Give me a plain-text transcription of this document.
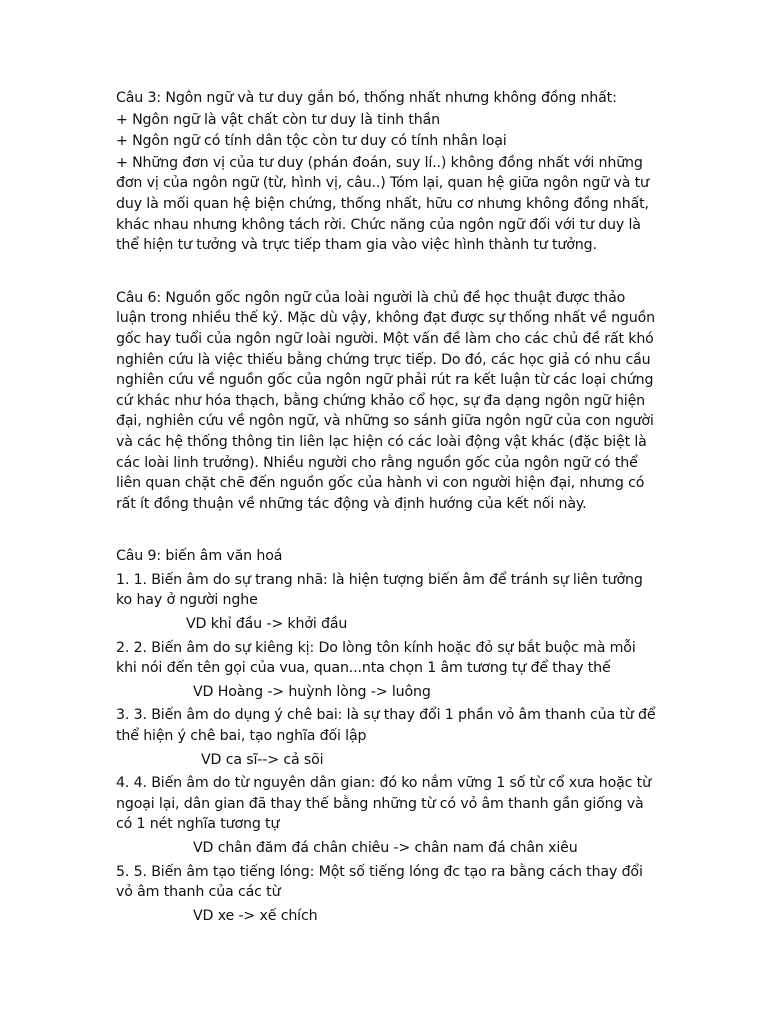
Câu 3: Ngôn ngữ và tư duy gắn bó, thống nhất nhưng không đồng nhất:

+ Ngôn ngữ là vật chất còn tư duy là tinh thần

+ Ngôn ngữ có tính dân tộc còn tư duy có tính nhân loại

+ Những đơn vị của tư duy (phán đoán, suy lí..) không đồng nhất với những đơn vị của ngôn ngữ (từ, hình vị, câu..) Tóm lại, quan hệ giữa ngôn ngữ và tư duy là mối quan hệ biện chứng, thống nhất, hữu cơ nhưng không đồng nhất, khác nhau nhưng không tách rời. Chức năng của ngôn ngữ đối với tư duy là thể hiện tư tưởng và trực tiếp tham gia vào việc hình thành tư tưởng.

Câu 6: Nguồn gốc ngôn ngữ của loài người là chủ đề học thuật được thảo luận trong nhiều thế kỷ. Mặc dù vậy, không đạt được sự thống nhất về nguồn gốc hay tuổi của ngôn ngữ loài người. Một vấn đề làm cho các chủ đề rất khó nghiên cứu là việc thiếu bằng chứng trực tiếp. Do đó, các học giả có nhu cầu nghiên cứu về nguồn gốc của ngôn ngữ phải rút ra kết luận từ các loại chứng cứ khác như hóa thạch, bằng chứng khảo cổ học, sự đa dạng ngôn ngữ hiện đại, nghiên cứu về ngôn ngữ, và những so sánh giữa ngôn ngữ của con người và các hệ thống thông tin liên lạc hiện có các loài động vật khác (đặc biệt là các loài linh trưởng). Nhiều người cho rằng nguồn gốc của ngôn ngữ có thể liên quan chặt chẽ đến nguồn gốc của hành vi con người hiện đại, nhưng có rất ít đồng thuận về những tác động và định hướng của kết nối này.

Câu 9: biến âm văn hoá

1. 1. Biến âm do sự trang nhã: là hiện tượng biến âm để tránh sự liên tưởng ko hay ở người nghe

VD khỉ đầu -> khởi đầu

2. 2. Biến âm do sự kiêng kị: Do lòng tôn kính hoặc đỏ sự bắt buộc mà mỗi khi nói đến tên gọi của vua, quan...nta chọn 1 âm tương tự để thay thế

VD Hoàng -> huỳnh lòng -> luông

3. 3. Biến âm do dụng ý chê bai: là sự thay đổi 1 phần vỏ âm thanh của từ để thể hiện ý chê bai, tạo nghĩa đối lập

VD ca sĩ--> cả sõi

4. 4. Biến âm do từ nguyên dân gian: đó ko nắm vững 1 số từ cổ xưa hoặc từ ngoại lại, dân gian đã thay thế bằng những từ có vỏ âm thanh gần giống và có 1 nét nghĩa tương tự

VD chân đăm đá chân chiêu -> chân nam đá chân xiêu

5. 5. Biến âm tạo tiếng lóng: Một số tiếng lóng đc tạo ra bằng cách thay đổi vỏ âm thanh của các từ

VD xe -> xế chích
